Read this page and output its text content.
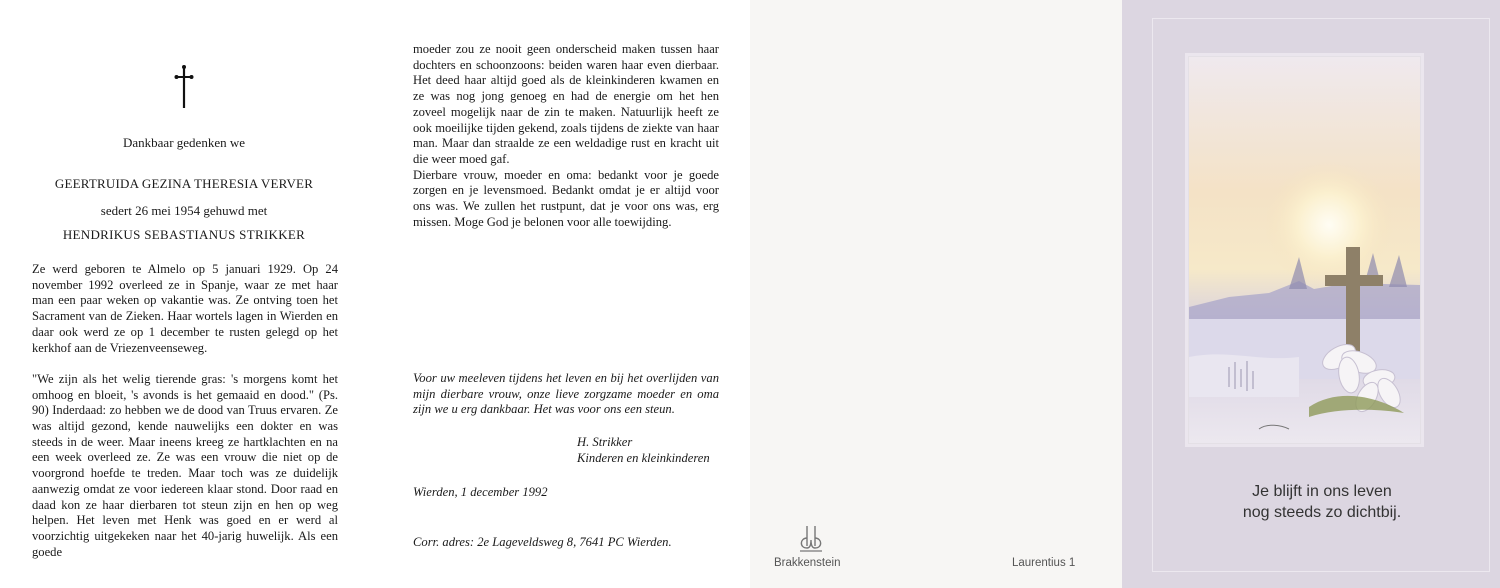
Dankbaar gedenken we
GEERTRUIDA GEZINA THERESIA VERVER
sedert 26 mei 1954 gehuwd met
HENDRIKUS SEBASTIANUS STRIKKER

Ze werd geboren te Almelo op 5 januari 1929. Op 24 november 1992 overleed ze in Spanje, waar ze met haar man een paar weken op vakantie was. Ze ontving toen het Sacrament van de Zieken. Haar wortels lagen in Wierden en daar ook werd ze op 1 december te rusten gelegd op het kerkhof aan de Vriezenveenseweg.

"We zijn als het welig tierende gras: 's morgens komt het omhoog en bloeit, 's avonds is het gemaaid en dood." (Ps. 90) Inderdaad: zo hebben we de dood van Truus ervaren. Ze was altijd gezond, kende nauwelijks een dokter en was steeds in de weer. Maar ineens kreeg ze hartklachten en na een week overleed ze. Ze was een vrouw die niet op de voorgrond hoefde te treden. Maar toch was ze duidelijk aanwezig omdat ze voor iedereen klaar stond. Door raad en daad kon ze haar dierbaren tot steun zijn en hen op weg helpen. Het leven met Henk was goed en er werd al voorzichtig uitgekeken naar het 40-jarig huwelijk. Als een goede

moeder zou ze nooit geen onderscheid maken tussen haar dochters en schoonzoons: beiden waren haar even dierbaar. Het deed haar altijd goed als de kleinkinderen kwamen en ze was nog jong genoeg en had de energie om het hen zoveel mogelijk naar de zin te maken. Natuurlijk heeft ze ook moeilijke tijden gekend, zoals tijdens de ziekte van haar man. Maar dan straalde ze een weldadige rust en kracht uit die weer moed gaf.

Dierbare vrouw, moeder en oma: bedankt voor je goede zorgen en je levensmoed. Bedankt omdat je er altijd voor ons was. We zullen het rustpunt, dat je voor ons was, erg missen. Moge God je belonen voor alle toewijding.

Voor uw meeleven tijdens het leven en bij het overlijden van mijn dierbare vrouw, onze lieve zorgzame moeder en oma zijn we u erg dankbaar. Het was voor ons een steun.

H. Strikker

Kinderen en kleinkinderen

Wierden, 1 december 1992
Corr. adres: 2e Lageveldsweg 8, 7641 PC Wierden.
Brakkenstein	Laurentius 1
Je blijft in ons leven
nog steeds zo dichtbij.
